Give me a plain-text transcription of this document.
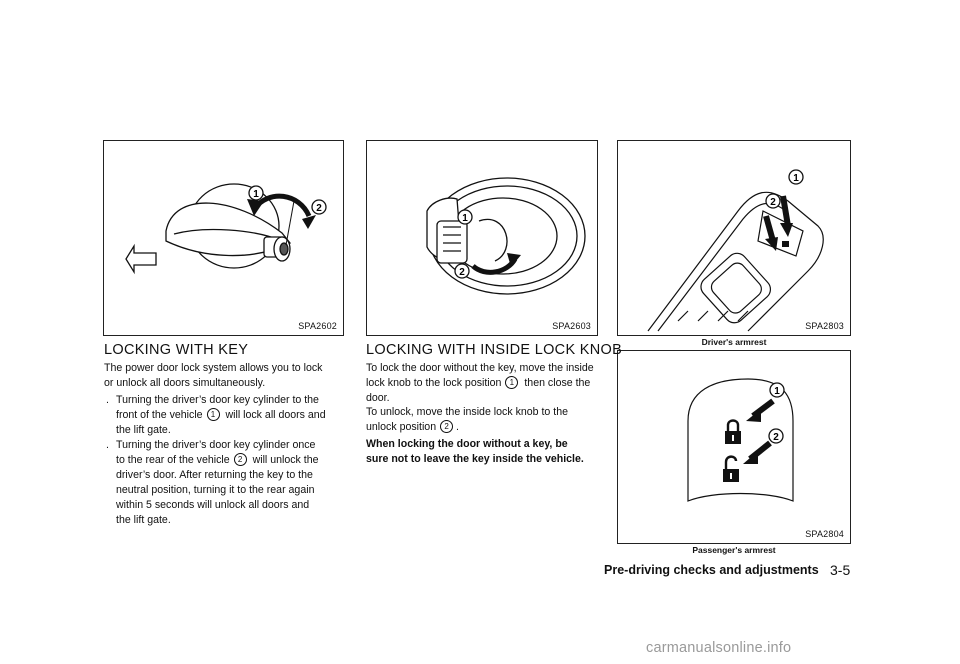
1
2
SPA2602
1
2
SPA2603
1
2
SPA2803
Driver's armrest
1
2
SPA2804
Passenger's armrest
LOCKING WITH KEY

The power door lock system allows you to lock

or unlock all doors simultaneously.

. Turning the driver’s door key cylinder to the
front of the vehicle 1 will lock all doors and
the lift gate.
. Turning the driver’s door key cylinder once
to the rear of the vehicle 2 will unlock the
driver’s door. After returning the key to the
neutral position, turning it to the rear again
within 5 seconds will unlock all doors and
the lift gate.
LOCKING WITH INSIDE LOCK KNOB
To lock the door without the key, move the inside
lock knob to the lock position 1 then close the
door.
To unlock, move the inside lock knob to the
unlock position 2 .
When locking the door without a key, be
sure not to leave the key inside the vehicle.
Pre-driving checks and adjustments 3-5
carmanualsonline.info
